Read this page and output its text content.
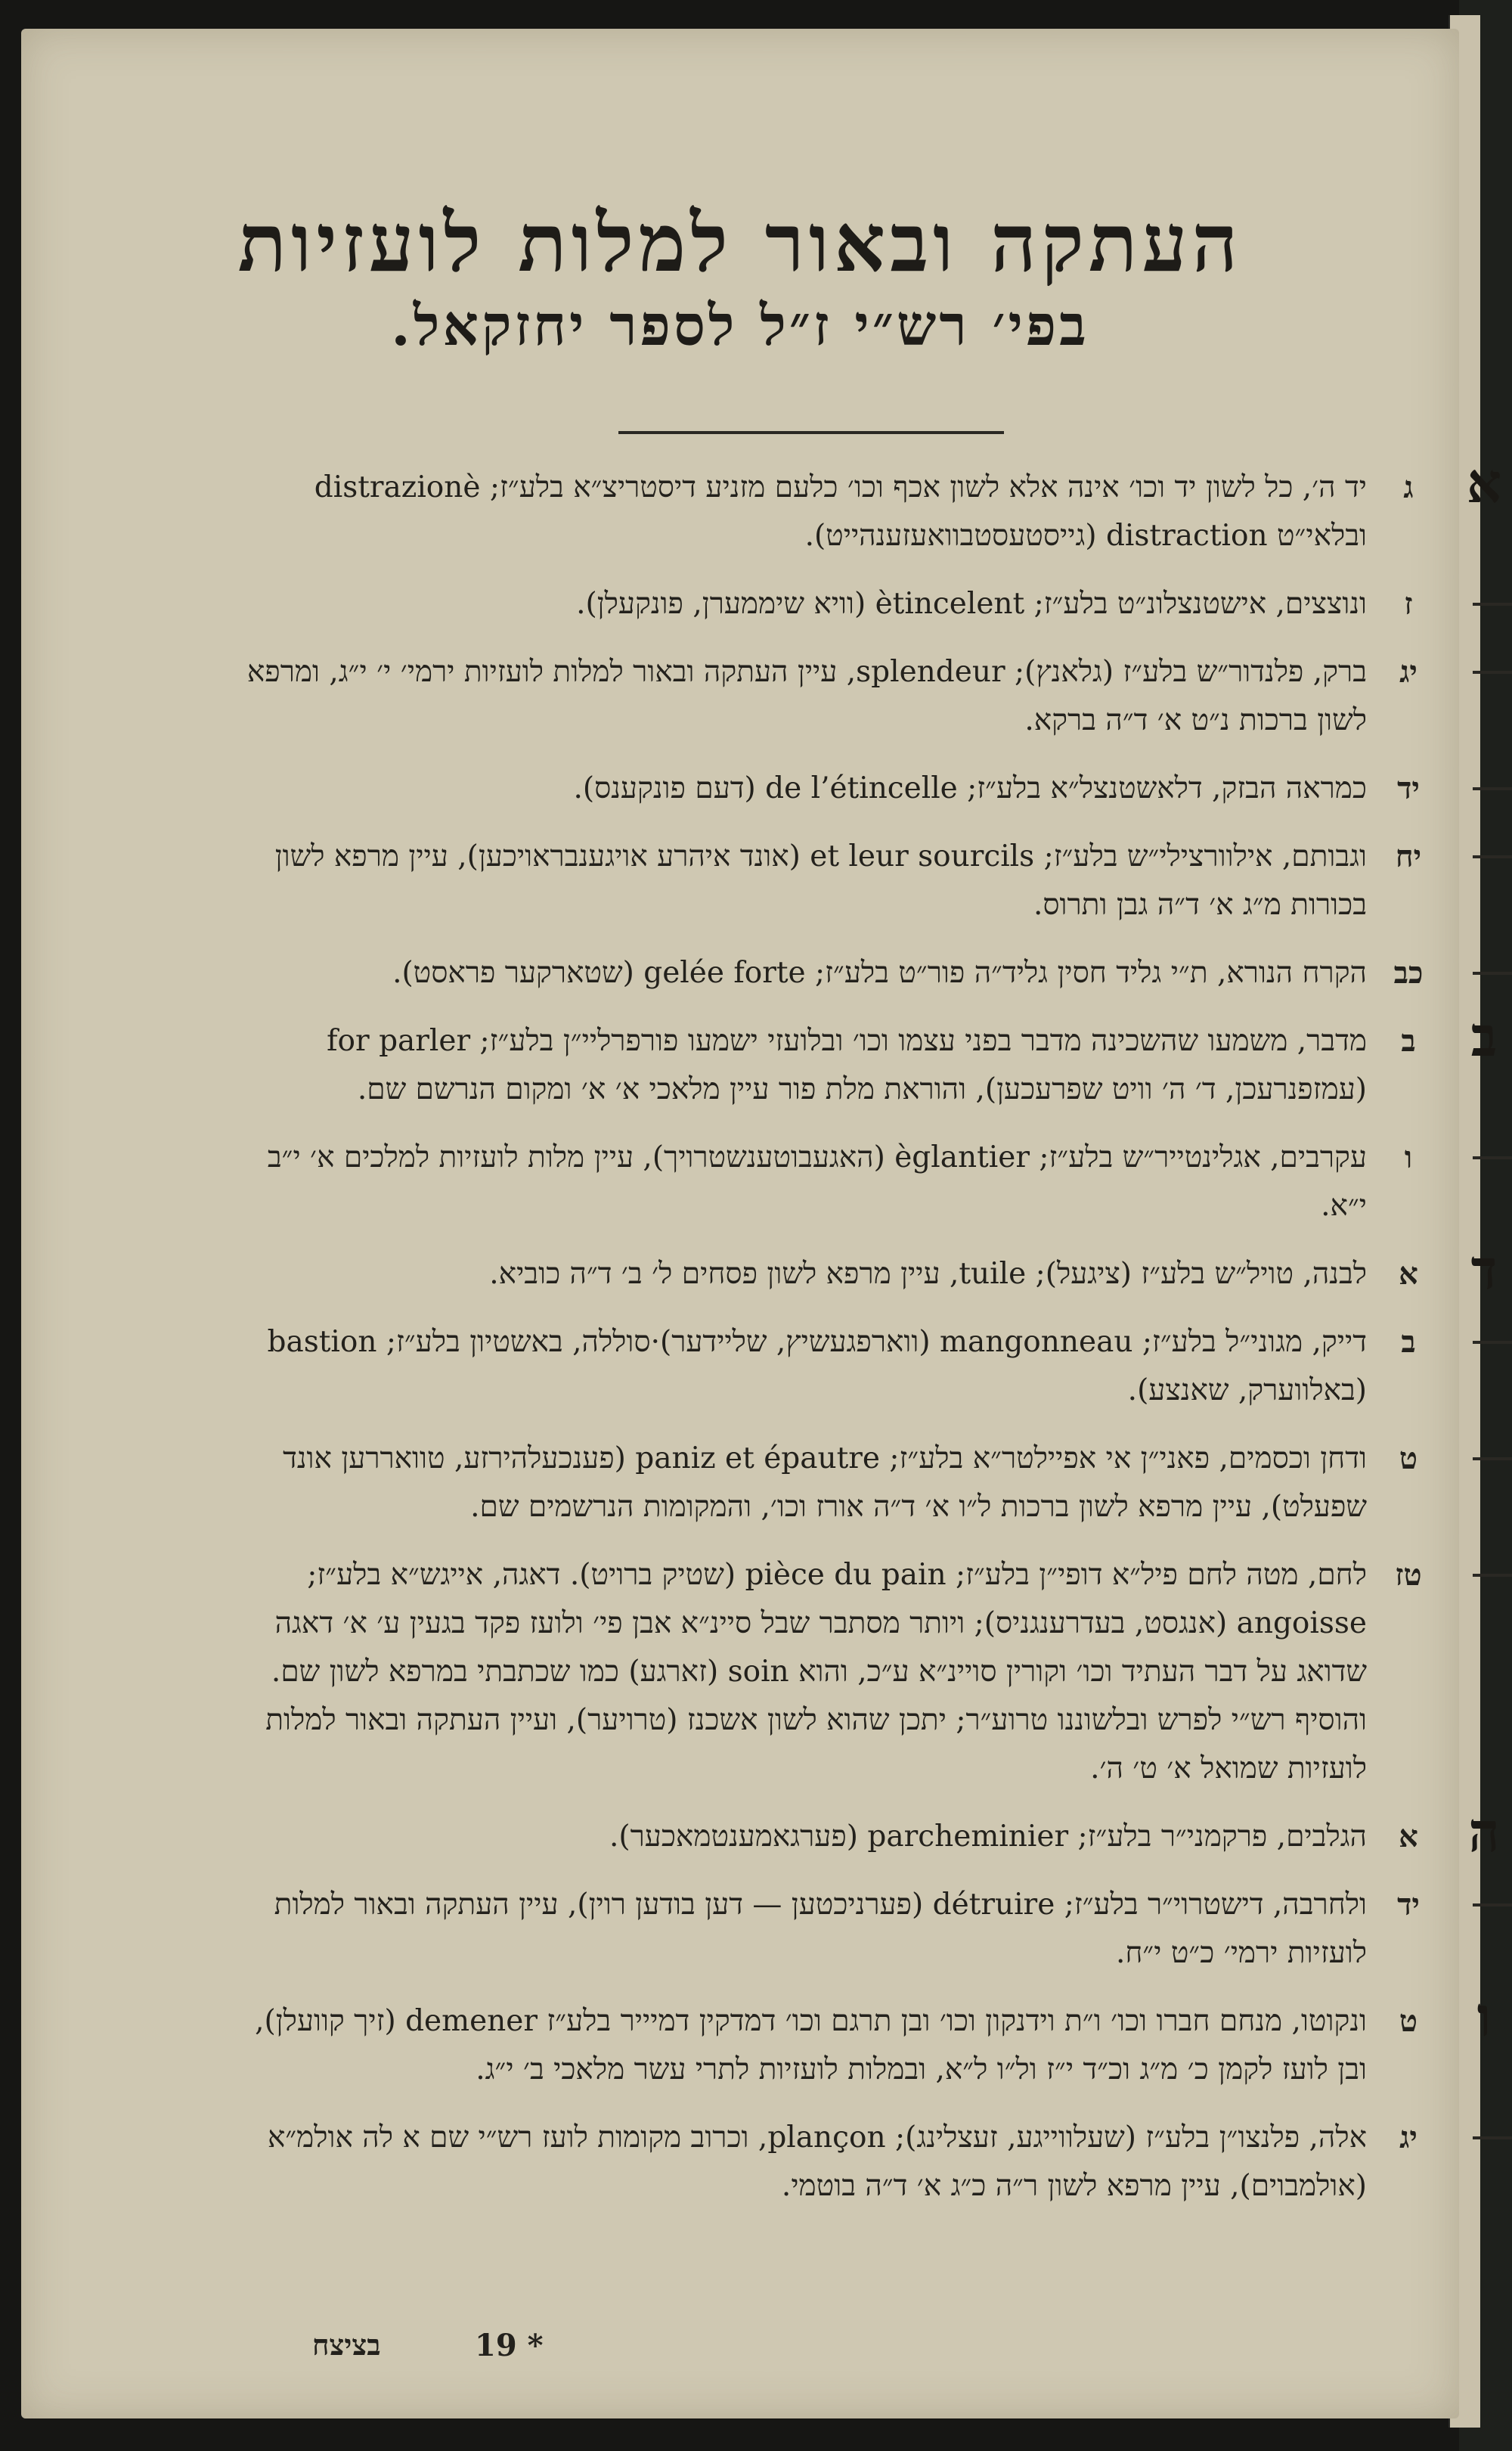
העתקה ובאור למלות לועזיות
בפי׳ רש״י ז״ל לספר יחזקאל.
א
ג
יד ה׳, כל לשון יד וכו׳ אינה אלא לשון אכף וכו׳ כלעם מזניע דיסטריצ״א בלע״ז; distrazionè ובלאי״ט distraction (גייסטעסטבוואעזענהייט).
ז
ונוצצים, אישטנצלונ״ט בלע״ז; ètincelent (וויא שיממערן, פונקעלן).
יג
ברק, פלנדור״ש בלע״ז (גלאנץ); splendeur, עיין העתקה ובאור למלות לועזיות ירמי׳ י׳ י״ג, ומרפא לשון ברכות נ״ט א׳ ד״ה ברקא.
יד
כמראה הבזק, דלאשטנצל״א בלע״ז; de l’étincelle (דעם פונקענס).
יח
וגבותם, אילוורצילי״ש בלע״ז; et leur sourcils (אונד איהרע אויגענבראויכען), עיין מרפא לשון בכורות מ״ג א׳ ד״ה גבן ותרוס.
כב
הקרח הנורא, ת״י גליד חסין גליד״ה פור״ט בלע״ז; gelée forte (שטארקער פראסט).
ב
ב
מדבר, משמעו שהשכינה מדבר בפני עצמו וכו׳ ובלועזי ישמעו פורפרליי״ן בלע״ז; for parler (עמזפנרעכן, ד׳ ה׳ וויט שפרעכען), והוראת מלת פור עיין מלאכי א׳ א׳ ומקום הנרשם שם.
ו
עקרבים, אגלינטייר״ש בלע״ז; èglantier (האגעבוטענשטרויך), עיין מלות לועזיות למלכים א׳ י״ב י״א.
ד
א
לבנה, טויל״ש בלע״ז (ציגעל); tuile, עיין מרפא לשון פסחים ל׳ ב׳ ד״ה כוביא.
ב
דייק, מגוני״ל בלע״ז; mangonneau (ווארפגעשיץ, שליידער)·סוללה, באשטיון בלע״ז; bastion (באלווערק, שאנצע).
ט
ודחן וכסמים, פאני״ן אי אפיילטר״א בלע״ז; paniz et épautre (פענכעלהירזע, טוואררען אונד שפעלט), עיין מרפא לשון ברכות ל״ו א׳ ד״ה אורז וכו׳, והמקומות הנרשמים שם.
טז
לחם, מטה לחם פיל״א דופי״ן בלע״ז; pièce du pain (שטיק ברויט). דאגה, אייגש״א בלע״ז; angoisse (אנגסט, בעדרענגניס); ויותר מסתבר שבל סיינ״א אבן פי׳ ולועז פקד בגעין ע׳ א׳ דאגה שדואג על דבר העתיד וכו׳ וקורין סויינ״א ע״כ, והוא soin (זארגע) כמו שכתבתי במרפא לשון שם. והוסיף רש״י לפרש ובלשוננו טרוע״ר; יתכן שהוא לשון אשכנז (טרויער), ועיין העתקה ובאור למלות לועזיות שמואל א׳ ט׳ ה׳.
ה
א
הגלבים, פרקמני״ר בלע״ז; parcheminier (פערגאמענטמאכער).
יד
ולחרבה, דישטרוי״ר בלע״ז; détruire (פערניכטען — דען בודען רוין), עיין העתקה ובאור למלות לועזיות ירמי׳ כ״ט י״ח.
ו
ט
ונקוטו, מנחם חברו וכו׳ ו״ת וידנקון וכו׳ ובן תרגם וכו׳ דמדקין דמיייר בלע״ז demener (זיך קוועלן), ובן לועז לקמן כ׳ מ״ג וכ״ד י״ז ול״ו ל״א, ובמלות לועזיות לתרי עשר מלאכי ב׳ י״ג.
יג
אלה, פלנצו״ן בלע״ז (שעלווייגע, זעצלינג); plançon, וכרוב מקומות לועז רש״י שם א לה אולמ״א (אולמבוים), עיין מרפא לשון ר״ה כ״ג א׳ ד״ה בוטמי.
בציצח	19 *
